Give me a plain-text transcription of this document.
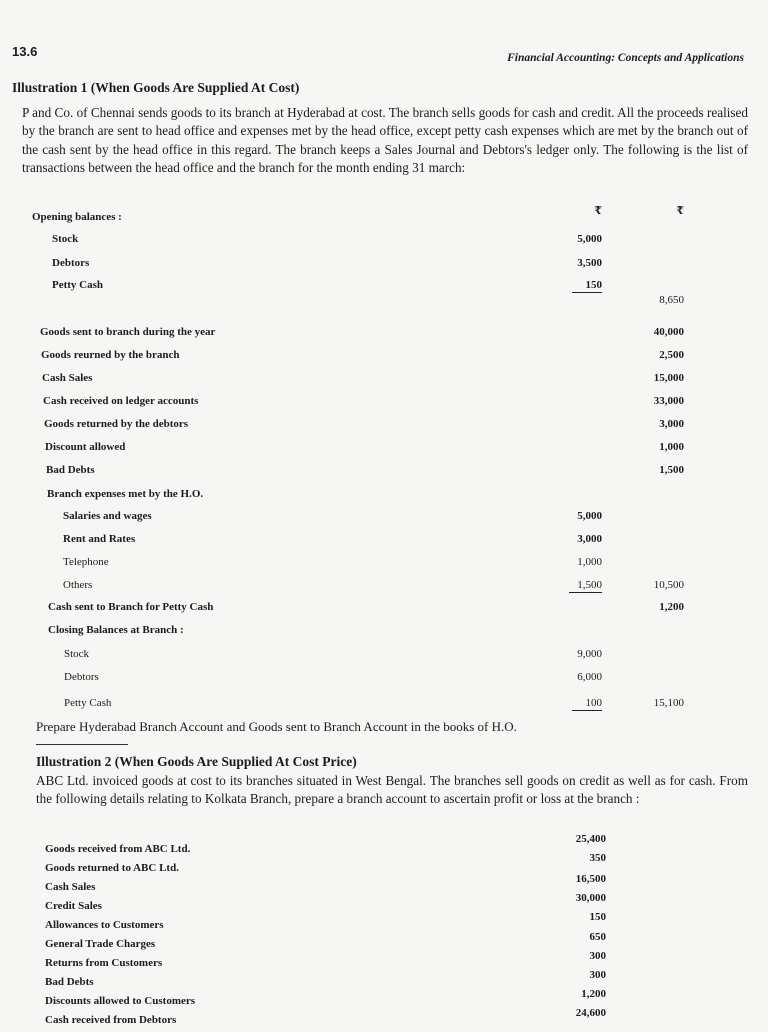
13.6	Financial Accounting: Concepts and Applications
Illustration 1 (When Goods Are Supplied At Cost)
P and Co. of Chennai sends goods to its branch at Hyderabad at cost. The branch sells goods for cash and credit. All the proceeds realised by the branch are sent to head office and expenses met by the head office, except petty cash expenses which are met by the branch out of the cash sent by the head office in this regard. The branch keeps a Sales Journal and Debtors's ledger only. The following is the list of transactions between the head office and the branch for the month ending 31 march:
₹	₹
Opening balances :
Stock	5,000
Debtors	3,500
Petty Cash	150
8,650
Goods sent to branch during the year	40,000
Goods reurned by the branch	2,500
Cash Sales	15,000
Cash received on ledger accounts	33,000
Goods returned by the debtors	3,000
Discount allowed	1,000
Bad Debts	1,500
Branch expenses met by the H.O.
Salaries and wages	5,000
Rent and Rates	3,000
Telephone	1,000
Others	1,500	10,500
Cash sent to Branch for Petty Cash	1,200
Closing Balances at Branch :
Stock	9,000
Debtors	6,000
Petty Cash	100	15,100
Prepare Hyderabad Branch Account and Goods sent to Branch Account in the books of H.O.
Illustration 2 (When Goods Are Supplied At Cost Price)
ABC Ltd. invoiced goods at cost to its branches situated in West Bengal. The branches sell goods on credit as well as for cash. From the following details relating to Kolkata Branch, prepare a branch account to ascertain profit or loss at the branch :
Goods received from ABC Ltd.
25,400
Goods returned to ABC Ltd.
350
Cash Sales
16,500
Credit Sales
30,000
Allowances to Customers
150
General Trade Charges
650
Returns from Customers
300
Bad Debts
300
Discounts allowed to Customers
1,200
Cash received from Debtors
24,600
